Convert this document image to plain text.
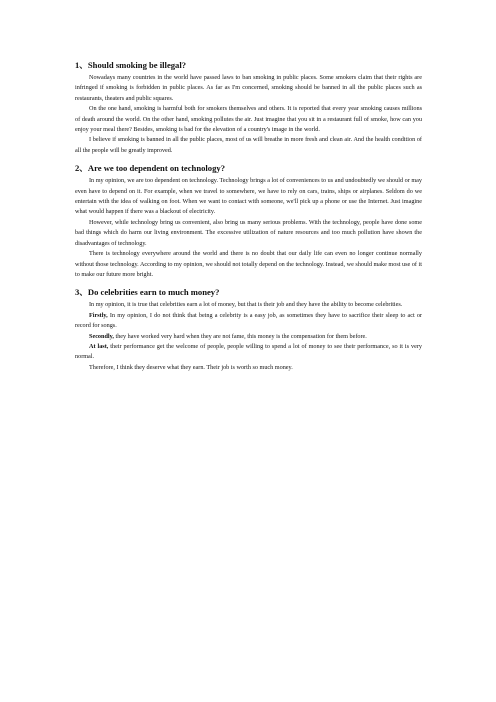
1、Should smoking be illegal?

Nowadays many countries in the world have passed laws to ban smoking in public places. Some smokers claim that their rights are infringed if smoking is forbidden in public places. As far as I'm concerned, smoking should be banned in all the public places such as restaurants, theaters and public squares.

On the one hand, smoking is harmful both for smokers themselves and others. It is reported that every year smoking causes millions of death around the world. On the other hand, smoking pollutes the air. Just imagine that you sit in a restaurant full of smoke, how can you enjoy your meal there? Besides, smoking is bad for the elevation of a country's image in the world.

I believe if smoking is banned in all the public places, most of us will breathe in more fresh and clean air. And the health condition of all the people will be greatly improved.

2、Are we too dependent on technology?

In my opinion, we are too dependent on technology. Technology brings a lot of conveniences to us and undoubtedly we should or may even have to depend on it. For example, when we travel to somewhere, we have to rely on cars, trains, ships or airplanes. Seldom do we entertain with the idea of walking on foot. When we want to contact with someone, we'll pick up a phone or use the Internet. Just imagine what would happen if there was a blackout of electricity.

However, while technology bring us convenient, also bring us many serious problems. With the technology, people have done some bad things which do harm our living environment. The excessive utilization of nature resources and too much pollution have shown the disadvantages of technology.

There is technology everywhere around the world and there is no doubt that our daily life can even no longer continue normally without those technology. According to my opinion, we should not totally depend on the technology. Instead, we should make most use of it to make our future more bright.

3、Do celebrities earn to much money?

In my opinion, it is true that celebrities earn a lot of money, but that is their job and they have the ability to become celebrities.

Firstly, In my opinion, I do not think that being a celebrity is a easy job, as sometimes they have to sacrifice their sleep to act or record for songs.

Secondly, they have worked very hard when they are not fame, this money is the compensation for them before.

At last, their performance get the welcome of people, people willing to spend a lot of money to see their performance, so it is very normal.

Therefore, I think they deserve what they earn. Their job is worth so much money.
